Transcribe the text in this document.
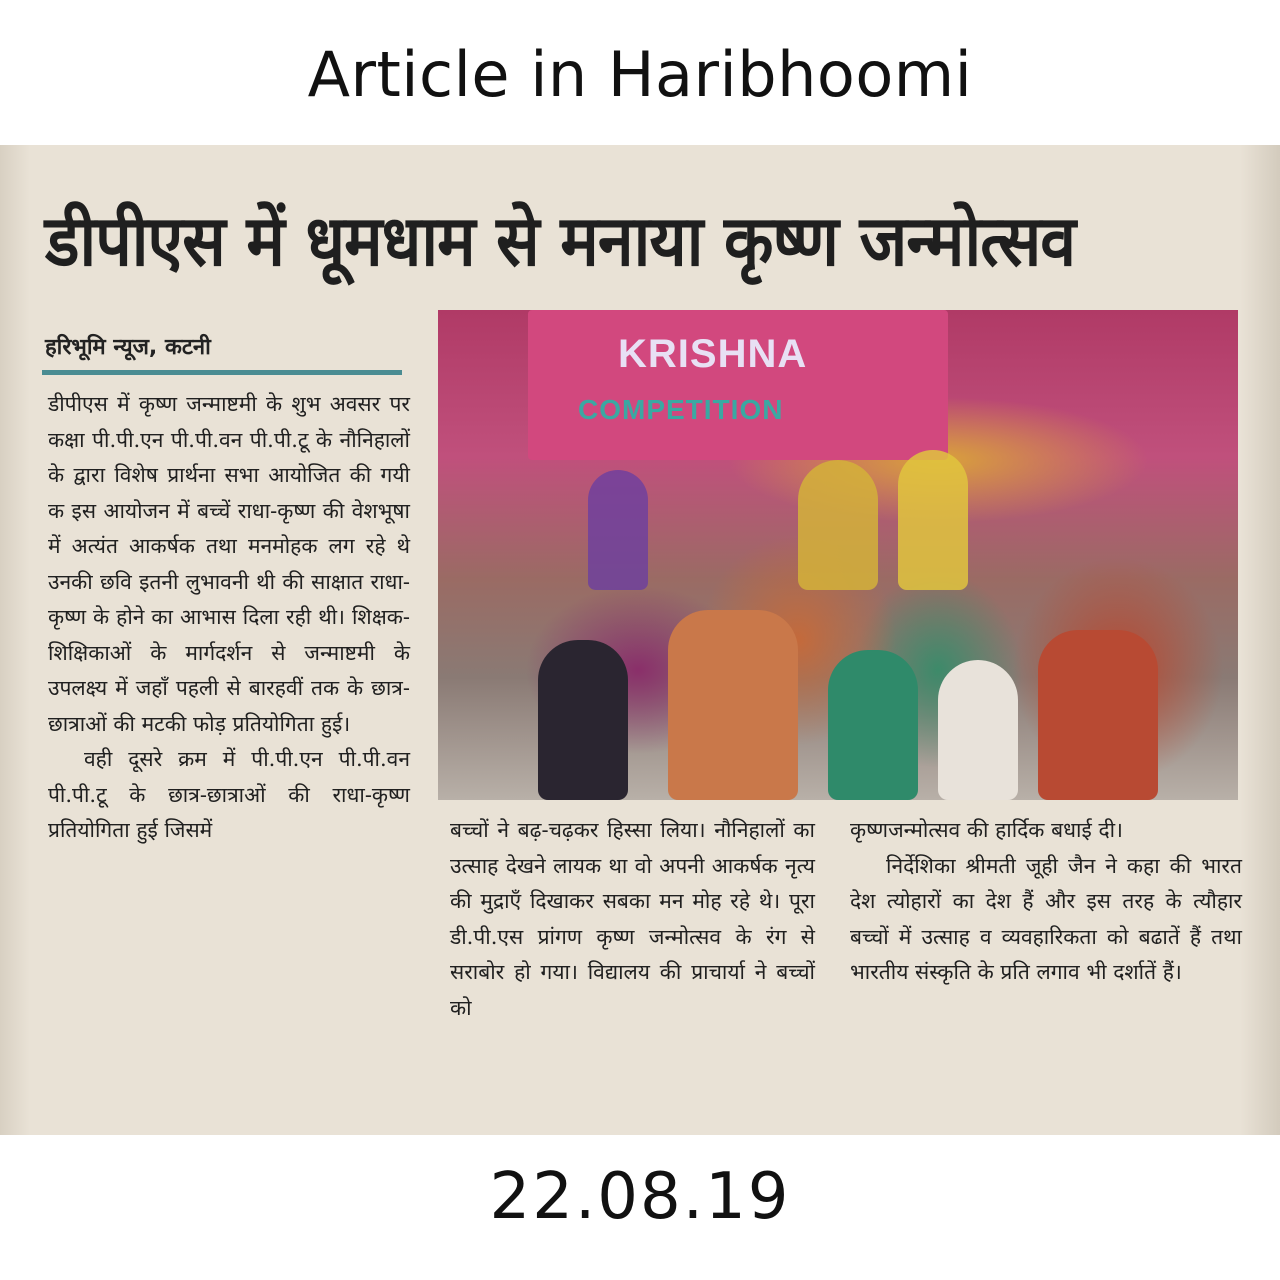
Article in Haribhoomi
डीपीएस में धूमधाम से मनाया कृष्ण जन्मोत्सव
हरिभूमि न्यूज, कटनी

डीपीएस में कृष्ण जन्माष्टमी के शुभ अवसर पर कक्षा पी.पी.एन पी.पी.वन पी.पी.टू के नौनिहालों के द्वारा विशेष प्रार्थना सभा आयोजित की गयी क इस आयोजन में बच्चें राधा-कृष्ण की वेशभूषा में अत्यंत आकर्षक तथा मनमोहक लग रहे थे उनकी छवि इतनी लुभावनी थी की साक्षात राधा-कृष्ण के होने का आभास दिला रही थी। शिक्षक-शिक्षिकाओं के मार्गदर्शन से जन्माष्टमी के उपलक्ष्य में जहाँ पहली से बारहवीं तक के छात्र-छात्राओं की मटकी फोड़ प्रतियोगिता हुई।

वही दूसरे क्रम में पी.पी.एन पी.पी.वन पी.पी.टू के छात्र-छात्राओं की राधा-कृष्ण प्रतियोगिता हुई जिसमें

KRISHNA
COMPETITION

बच्चों ने बढ़-चढ़कर हिस्सा लिया। नौनिहालों का उत्साह देखने लायक था वो अपनी आकर्षक नृत्य की मुद्राएँ दिखाकर सबका मन मोह रहे थे। पूरा डी.पी.एस प्रांगण कृष्ण जन्मोत्सव के रंग से सराबोर हो गया। विद्यालय की प्राचार्या ने बच्चों को

कृष्णजन्मोत्सव की हार्दिक बधाई दी।

निर्देशिका श्रीमती जूही जैन ने कहा की भारत देश त्योहारों का देश हैं और इस तरह के त्यौहार बच्चों में उत्साह व व्यवहारिकता को बढातें हैं तथा भारतीय संस्कृति के प्रति लगाव भी दर्शातें हैं।

22.08.19
